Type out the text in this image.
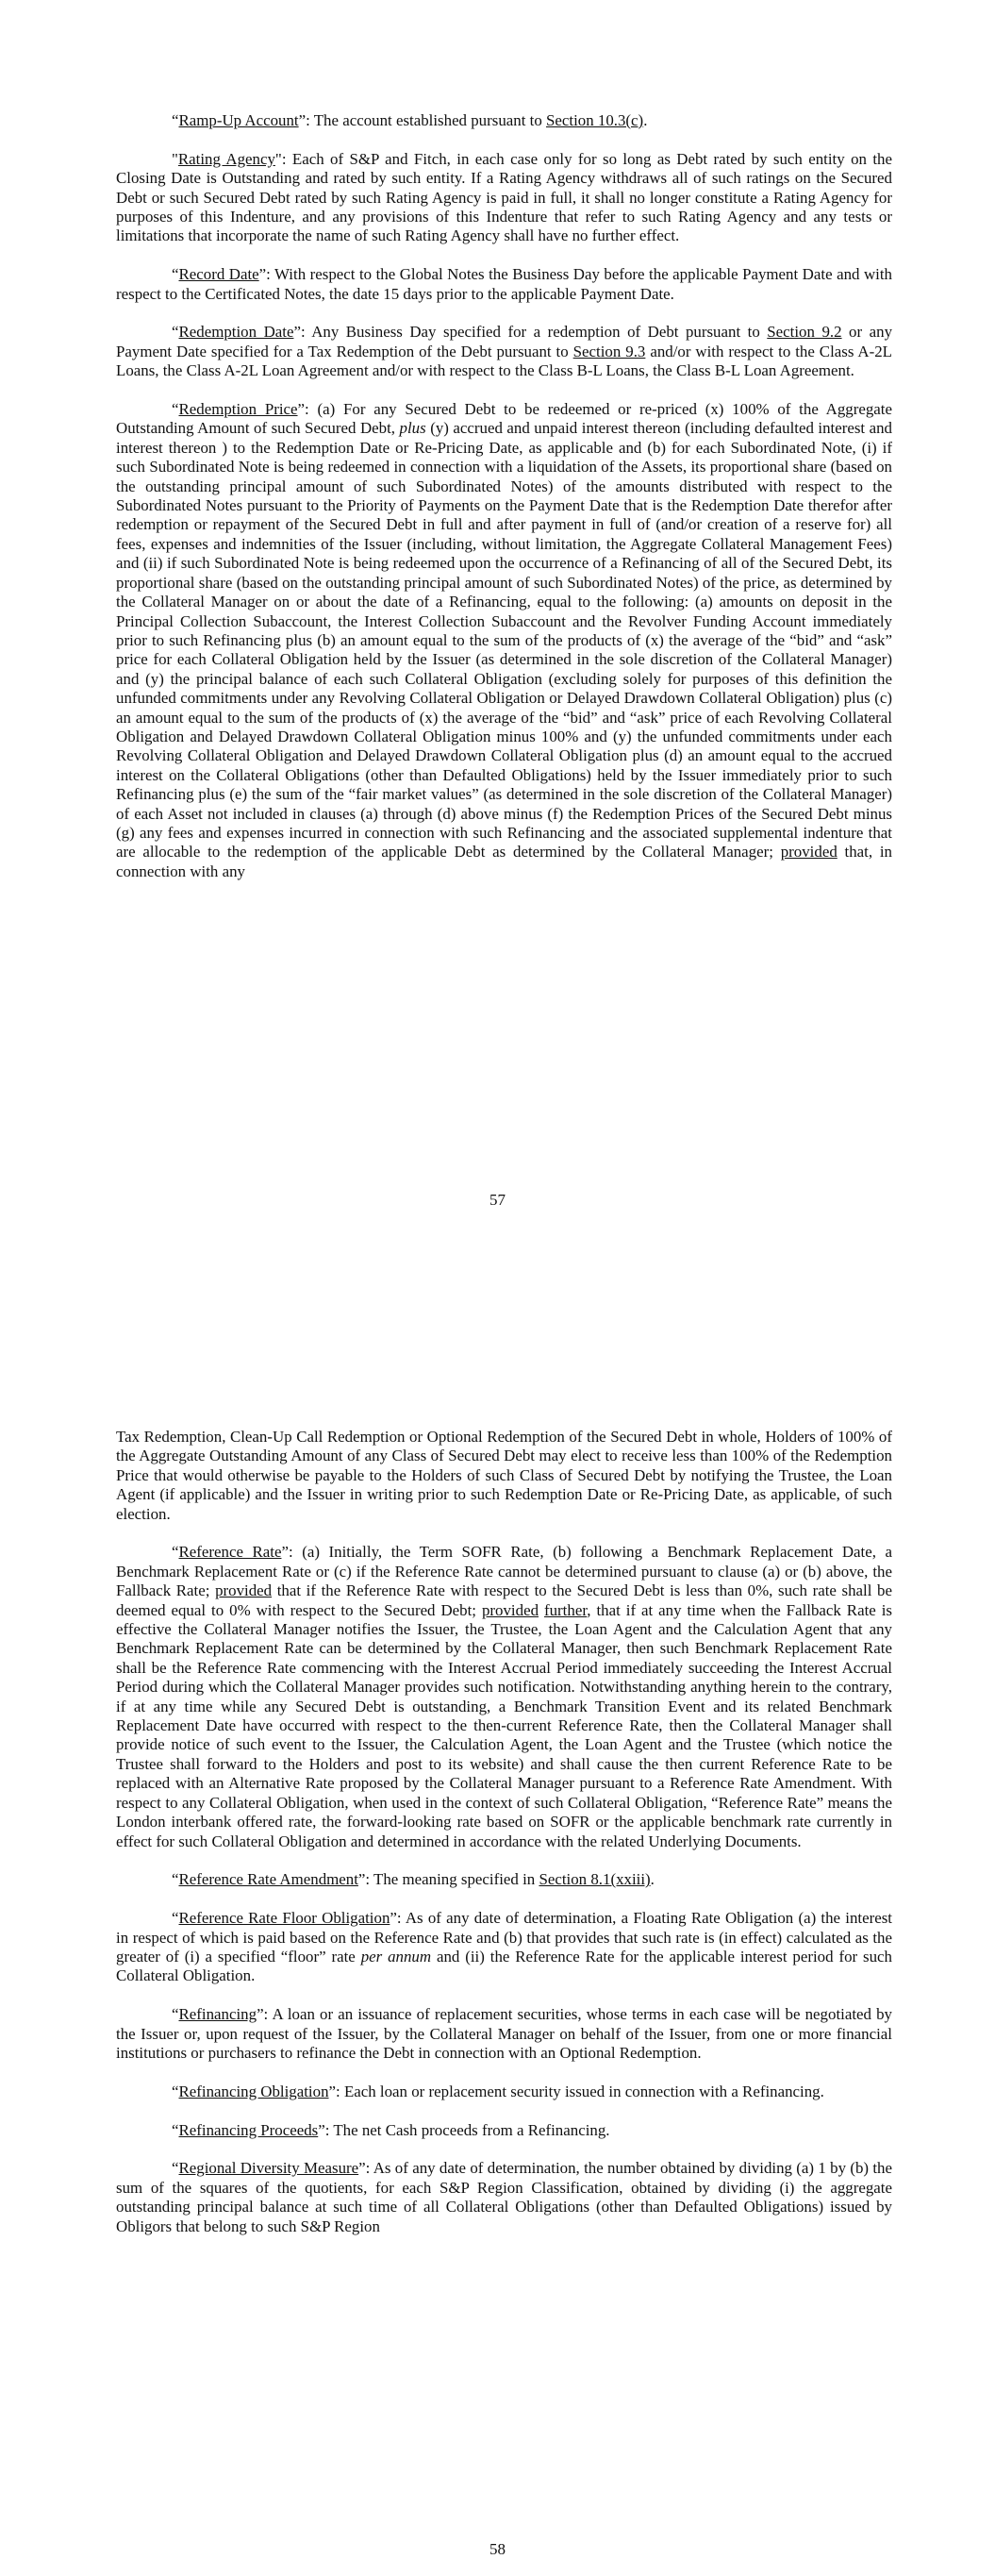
“Ramp-Up Account”: The account established pursuant to Section 10.3(c).

"Rating Agency": Each of S&P and Fitch, in each case only for so long as Debt rated by such entity on the Closing Date is Outstanding and rated by such entity. If a Rating Agency withdraws all of such ratings on the Secured Debt or such Secured Debt rated by such Rating Agency is paid in full, it shall no longer constitute a Rating Agency for purposes of this Indenture, and any provisions of this Indenture that refer to such Rating Agency and any tests or limitations that incorporate the name of such Rating Agency shall have no further effect.

“Record Date”: With respect to the Global Notes the Business Day before the applicable Payment Date and with respect to the Certificated Notes, the date 15 days prior to the applicable Payment Date.

“Redemption Date”: Any Business Day specified for a redemption of Debt pursuant to Section 9.2 or any Payment Date specified for a Tax Redemption of the Debt pursuant to Section 9.3 and/or with respect to the Class A-2L Loans, the Class A-2L Loan Agreement and/or with respect to the Class B-L Loans, the Class B-L Loan Agreement.

“Redemption Price”: (a) For any Secured Debt to be redeemed or re-priced (x) 100% of the Aggregate Outstanding Amount of such Secured Debt, plus (y) accrued and unpaid interest thereon (including defaulted interest and interest thereon ) to the Redemption Date or Re-Pricing Date, as applicable and (b) for each Subordinated Note, (i) if such Subordinated Note is being redeemed in connection with a liquidation of the Assets, its proportional share (based on the outstanding principal amount of such Subordinated Notes) of the amounts distributed with respect to the Subordinated Notes pursuant to the Priority of Payments on the Payment Date that is the Redemption Date therefor after redemption or repayment of the Secured Debt in full and after payment in full of (and/or creation of a reserve for) all fees, expenses and indemnities of the Issuer (including, without limitation, the Aggregate Collateral Management Fees) and (ii) if such Subordinated Note is being redeemed upon the occurrence of a Refinancing of all of the Secured Debt, its proportional share (based on the outstanding principal amount of such Subordinated Notes) of the price, as determined by the Collateral Manager on or about the date of a Refinancing, equal to the following: (a) amounts on deposit in the Principal Collection Subaccount, the Interest Collection Subaccount and the Revolver Funding Account immediately prior to such Refinancing plus (b) an amount equal to the sum of the products of (x) the average of the “bid” and “ask” price for each Collateral Obligation held by the Issuer (as determined in the sole discretion of the Collateral Manager) and (y) the principal balance of each such Collateral Obligation (excluding solely for purposes of this definition the unfunded commitments under any Revolving Collateral Obligation or Delayed Drawdown Collateral Obligation) plus (c) an amount equal to the sum of the products of (x) the average of the “bid” and “ask” price of each Revolving Collateral Obligation and Delayed Drawdown Collateral Obligation minus 100% and (y) the unfunded commitments under each Revolving Collateral Obligation and Delayed Drawdown Collateral Obligation plus (d) an amount equal to the accrued interest on the Collateral Obligations (other than Defaulted Obligations) held by the Issuer immediately prior to such Refinancing plus (e) the sum of the “fair market values” (as determined in the sole discretion of the Collateral Manager) of each Asset not included in clauses (a) through (d) above minus (f) the Redemption Prices of the Secured Debt minus (g) any fees and expenses incurred in connection with such Refinancing and the associated supplemental indenture that are allocable to the redemption of the applicable Debt as determined by the Collateral Manager; provided that, in connection with any

57

Tax Redemption, Clean-Up Call Redemption or Optional Redemption of the Secured Debt in whole, Holders of 100% of the Aggregate Outstanding Amount of any Class of Secured Debt may elect to receive less than 100% of the Redemption Price that would otherwise be payable to the Holders of such Class of Secured Debt by notifying the Trustee, the Loan Agent (if applicable) and the Issuer in writing prior to such Redemption Date or Re-Pricing Date, as applicable, of such election.

“Reference Rate”: (a) Initially, the Term SOFR Rate, (b) following a Benchmark Replacement Date, a Benchmark Replacement Rate or (c) if the Reference Rate cannot be determined pursuant to clause (a) or (b) above, the Fallback Rate; provided that if the Reference Rate with respect to the Secured Debt is less than 0%, such rate shall be deemed equal to 0% with respect to the Secured Debt; provided further, that if at any time when the Fallback Rate is effective the Collateral Manager notifies the Issuer, the Trustee, the Loan Agent and the Calculation Agent that any Benchmark Replacement Rate can be determined by the Collateral Manager, then such Benchmark Replacement Rate shall be the Reference Rate commencing with the Interest Accrual Period immediately succeeding the Interest Accrual Period during which the Collateral Manager provides such notification. Notwithstanding anything herein to the contrary, if at any time while any Secured Debt is outstanding, a Benchmark Transition Event and its related Benchmark Replacement Date have occurred with respect to the then-current Reference Rate, then the Collateral Manager shall provide notice of such event to the Issuer, the Calculation Agent, the Loan Agent and the Trustee (which notice the Trustee shall forward to the Holders and post to its website) and shall cause the then current Reference Rate to be replaced with an Alternative Rate proposed by the Collateral Manager pursuant to a Reference Rate Amendment. With respect to any Collateral Obligation, when used in the context of such Collateral Obligation, “Reference Rate” means the London interbank offered rate, the forward-looking rate based on SOFR or the applicable benchmark rate currently in effect for such Collateral Obligation and determined in accordance with the related Underlying Documents.

“Reference Rate Amendment”: The meaning specified in Section 8.1(xxiii).

“Reference Rate Floor Obligation”: As of any date of determination, a Floating Rate Obligation (a) the interest in respect of which is paid based on the Reference Rate and (b) that provides that such rate is (in effect) calculated as the greater of (i) a specified “floor” rate per annum and (ii) the Reference Rate for the applicable interest period for such Collateral Obligation.

“Refinancing”: A loan or an issuance of replacement securities, whose terms in each case will be negotiated by the Issuer or, upon request of the Issuer, by the Collateral Manager on behalf of the Issuer, from one or more financial institutions or purchasers to refinance the Debt in connection with an Optional Redemption.

“Refinancing Obligation”: Each loan or replacement security issued in connection with a Refinancing.

“Refinancing Proceeds”: The net Cash proceeds from a Refinancing.

“Regional Diversity Measure”: As of any date of determination, the number obtained by dividing (a) 1 by (b) the sum of the squares of the quotients, for each S&P Region Classification, obtained by dividing (i) the aggregate outstanding principal balance at such time of all Collateral Obligations (other than Defaulted Obligations) issued by Obligors that belong to such S&P Region

58
